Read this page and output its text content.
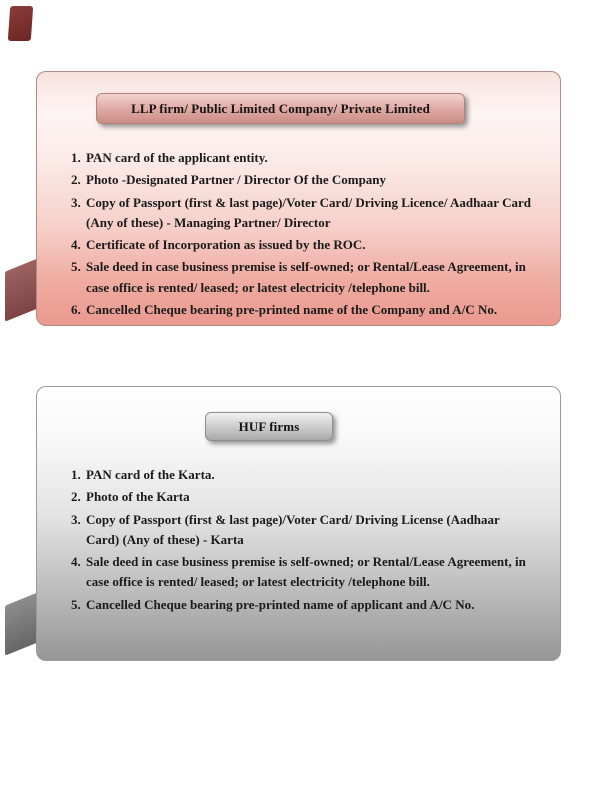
LLP firm/ Public Limited Company/ Private Limited
1. PAN card of the applicant entity.
2. Photo -Designated Partner / Director Of the Company
3. Copy of Passport (first & last page)/Voter Card/ Driving Licence/ Aadhaar Card (Any of these) - Managing Partner/ Director
4. Certificate of Incorporation as issued by the ROC.
5. Sale deed in case business premise is self-owned; or Rental/Lease Agreement, in case office is rented/ leased; or latest electricity /telephone bill.
6. Cancelled Cheque bearing pre-printed name of the Company and A/C No.
HUF firms
1. PAN card of the Karta.
2. Photo of the Karta
3. Copy of Passport (first & last page)/Voter Card/ Driving License (Aadhaar Card) (Any of these) - Karta
4. Sale deed in case business premise is self-owned; or Rental/Lease Agreement, in case office is rented/ leased; or latest electricity /telephone bill.
5. Cancelled Cheque bearing pre-printed name of applicant and A/C No.
